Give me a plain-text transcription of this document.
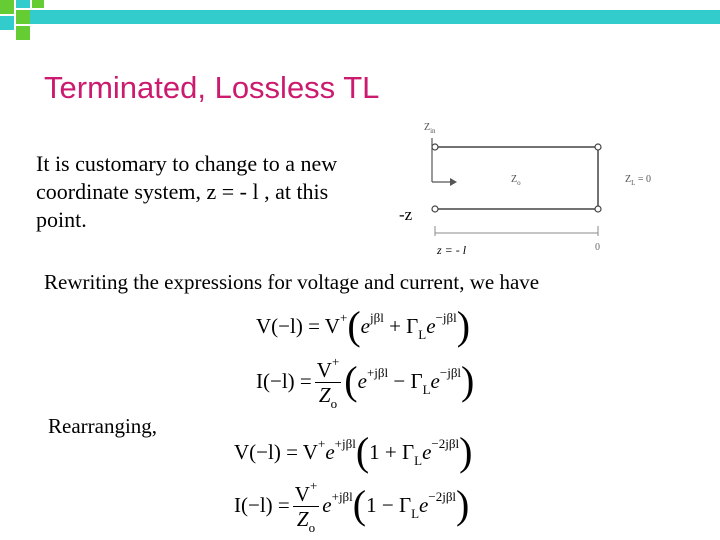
Terminated, Lossless TL
It is customary to change to a new coordinate system, z = - l , at this point.
$Z_{in}$
$Z_o$	$Z_L = 0$
-z
z = - l	0
Rewriting the expressions for voltage and current, we have
$V(-l) = V^+(e^{j\beta l} + \Gamma_Le^{-j\beta l})$
$I(-l) = \frac{V^+}{Z_o} (e^{+j\beta l} - \Gamma_Le^{-j\beta l})$
Rearranging,
$V(-l) = V^+e^{+j\beta l}(1 + \Gamma_Le^{-2j\beta l})$
$I(-l) = \frac{V^+}{Z_o} e^{+j\beta l}(1 - \Gamma_Le^{-2j\beta l})$
